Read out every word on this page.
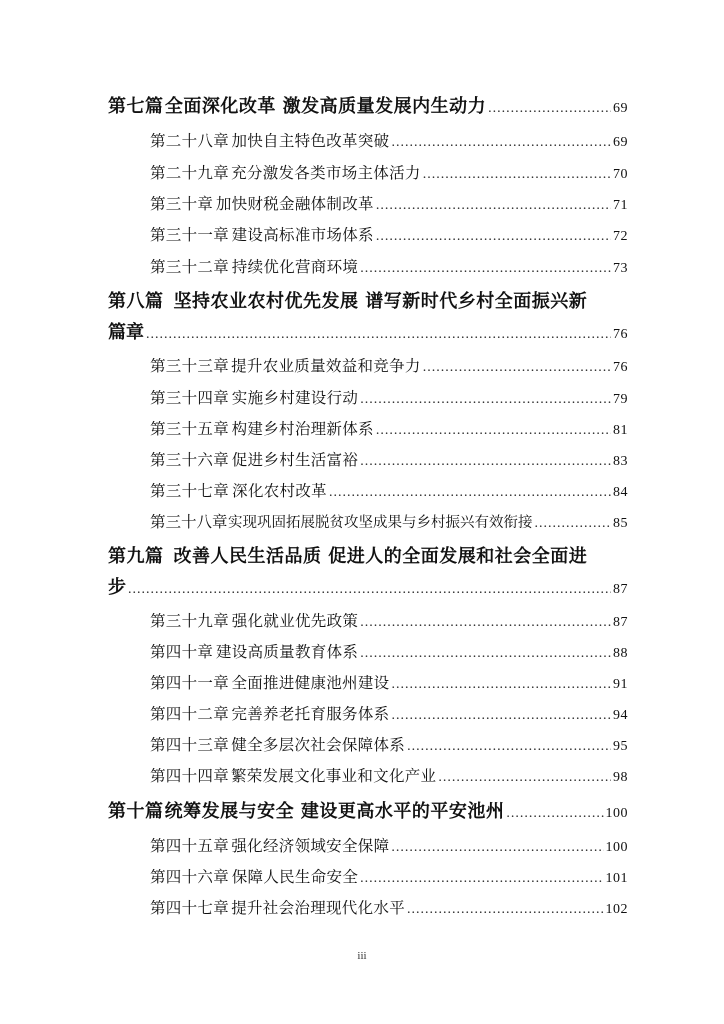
第七篇 全面深化改革 激发高质量发展内生动力 .....	69
第二十八章 加快自主特色改革突破 .....	69
第二十九章 充分激发各类市场主体活力 .....	70
第三十章 加快财税金融体制改革 .....	71
第三十一章 建设高标准市场体系 .....	72
第三十二章 持续优化营商环境 .....	73
第八篇 坚持农业农村优先发展 谱写新时代乡村全面振兴新
篇章 .....	76
第三十三章 提升农业质量效益和竞争力 .....	76
第三十四章 实施乡村建设行动 .....	79
第三十五章 构建乡村治理新体系 .....	81
第三十六章 促进乡村生活富裕 .....	83
第三十七章 深化农村改革 .....	84
第三十八章 实现巩固拓展脱贫攻坚成果与乡村振兴有效衔接 .....	85
第九篇 改善人民生活品质 促进人的全面发展和社会全面进
步 .....	87
第三十九章 强化就业优先政策 .....	87
第四十章 建设高质量教育体系 .....	88
第四十一章 全面推进健康池州建设 .....	91
第四十二章 完善养老托育服务体系 .....	94
第四十三章 健全多层次社会保障体系 .....	95
第四十四章 繁荣发展文化事业和文化产业 .....	98
第十篇 统筹发展与安全 建设更高水平的平安池州 .....	100
第四十五章 强化经济领域安全保障 .....	100
第四十六章 保障人民生命安全 .....	101
第四十七章 提升社会治理现代化水平 .....	102
iii
